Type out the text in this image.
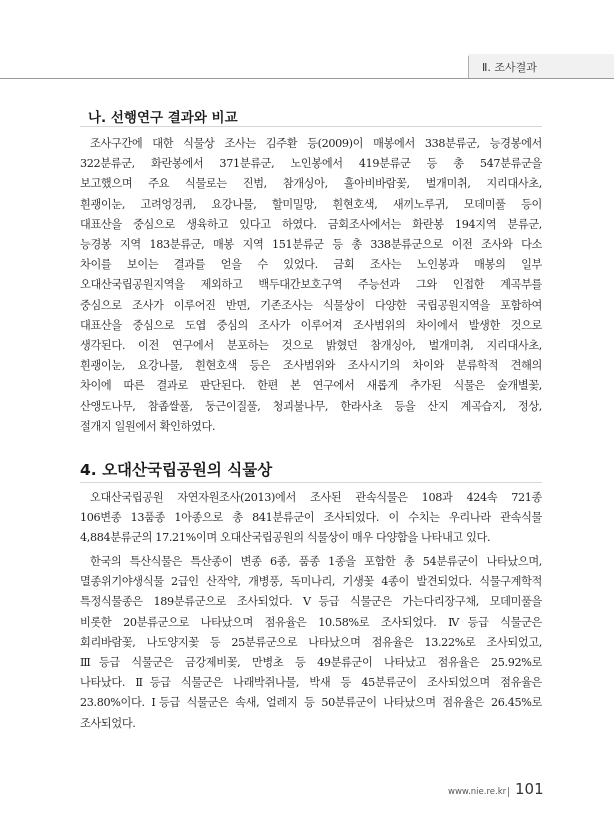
Ⅱ. 조사결과
나. 선행연구 결과와 비교
조사구간에 대한 식물상 조사는 김주환 등(2009)이 매봉에서 338분류군, 능경봉에서
322분류군, 화란봉에서 371분류군, 노인봉에서 419분류군 등 총 547분류군을
보고했으며 주요 식물로는 진범, 참개싱아, 흘아비바람꽃, 벌개미취, 지리대사초,
흰괭이눈, 고려엉겅퀴, 요강나물, 할미밀망, 흰현호색, 새끼노루귀, 모데미풀 등이
대표산을 중심으로 생육하고 있다고 하였다. 금회조사에서는 화란봉 194지역 분류군,
능경봉 지역 183분류군, 매봉 지역 151분류군 등 총 338분류군으로 이전 조사와 다소
차이를 보이는 결과를 얻을 수 있었다. 금회 조사는 노인봉과 매봉의 일부
오대산국립공원지역을 제외하고 백두대간보호구역 주능선과 그와 인접한 계곡부를
중심으로 조사가 이루어진 반면, 기존조사는 식물상이 다양한 국립공원지역을 포함하여
대표산을 중심으로 도엽 중심의 조사가 이루어져 조사범위의 차이에서 발생한 것으로
생각된다. 이전 연구에서 분포하는 것으로 밝혔던 참개싱아, 벌개미취, 지리대사초,
흰괭이눈, 요강나물, 흰현호색 등은 조사범위와 조사시기의 차이와 분류학적 견해의
차이에 따른 결과로 판단된다. 한편 본 연구에서 새롭게 추가된 식물은 숲개별꽃,
산앵도나무, 참좁쌀풀, 둥근이질풀, 청괴불나무, 한라사초 등을 산지 계곡습지, 정상,
절개지 일원에서 확인하였다.
4. 오대산국립공원의 식물상
오대산국립공원 자연자원조사(2013)에서 조사된 관속식물은 108과 424속 721종
106변종 13품종 1아종으로 총 841분류군이 조사되었다. 이 수치는 우리나라 관속식물
4,884분류군의 17.21%이며 오대산국립공원의 식물상이 매우 다양함을 나타내고 있다.
한국의 특산식물은 특산종이 변종 6종, 품종 1종을 포함한 총 54분류군이 나타났으며,
멸종위기야생식물 2급인 산작약, 개병풍, 독미나리, 기생꽃 4종이 발견되었다. 식물구계학적
특정식물종은 189분류군으로 조사되었다. Ⅴ등급 식물군은 가는다리장구채, 모데미풀을
비롯한 20분류군으로 나타났으며 점유율은 10.58%로 조사되었다. Ⅳ등급 식물군은
회리바람꽃, 나도양지꽃 등 25분류군으로 나타났으며 점유율은 13.22%로 조사되었고,
Ⅲ등급 식물군은 금강제비꽃, 만병초 등 49분류군이 나타났고 점유율은 25.92%로
나타났다. Ⅱ등급 식물군은 나래박쥐나물, 박새 등 45분류군이 조사되었으며 점유율은
23.80%이다. Ⅰ등급 식물군은 속새, 얼레지 등 50분류군이 나타났으며 점유율은 26.45%로
조사되었다.
www.nie.re.kr 101
